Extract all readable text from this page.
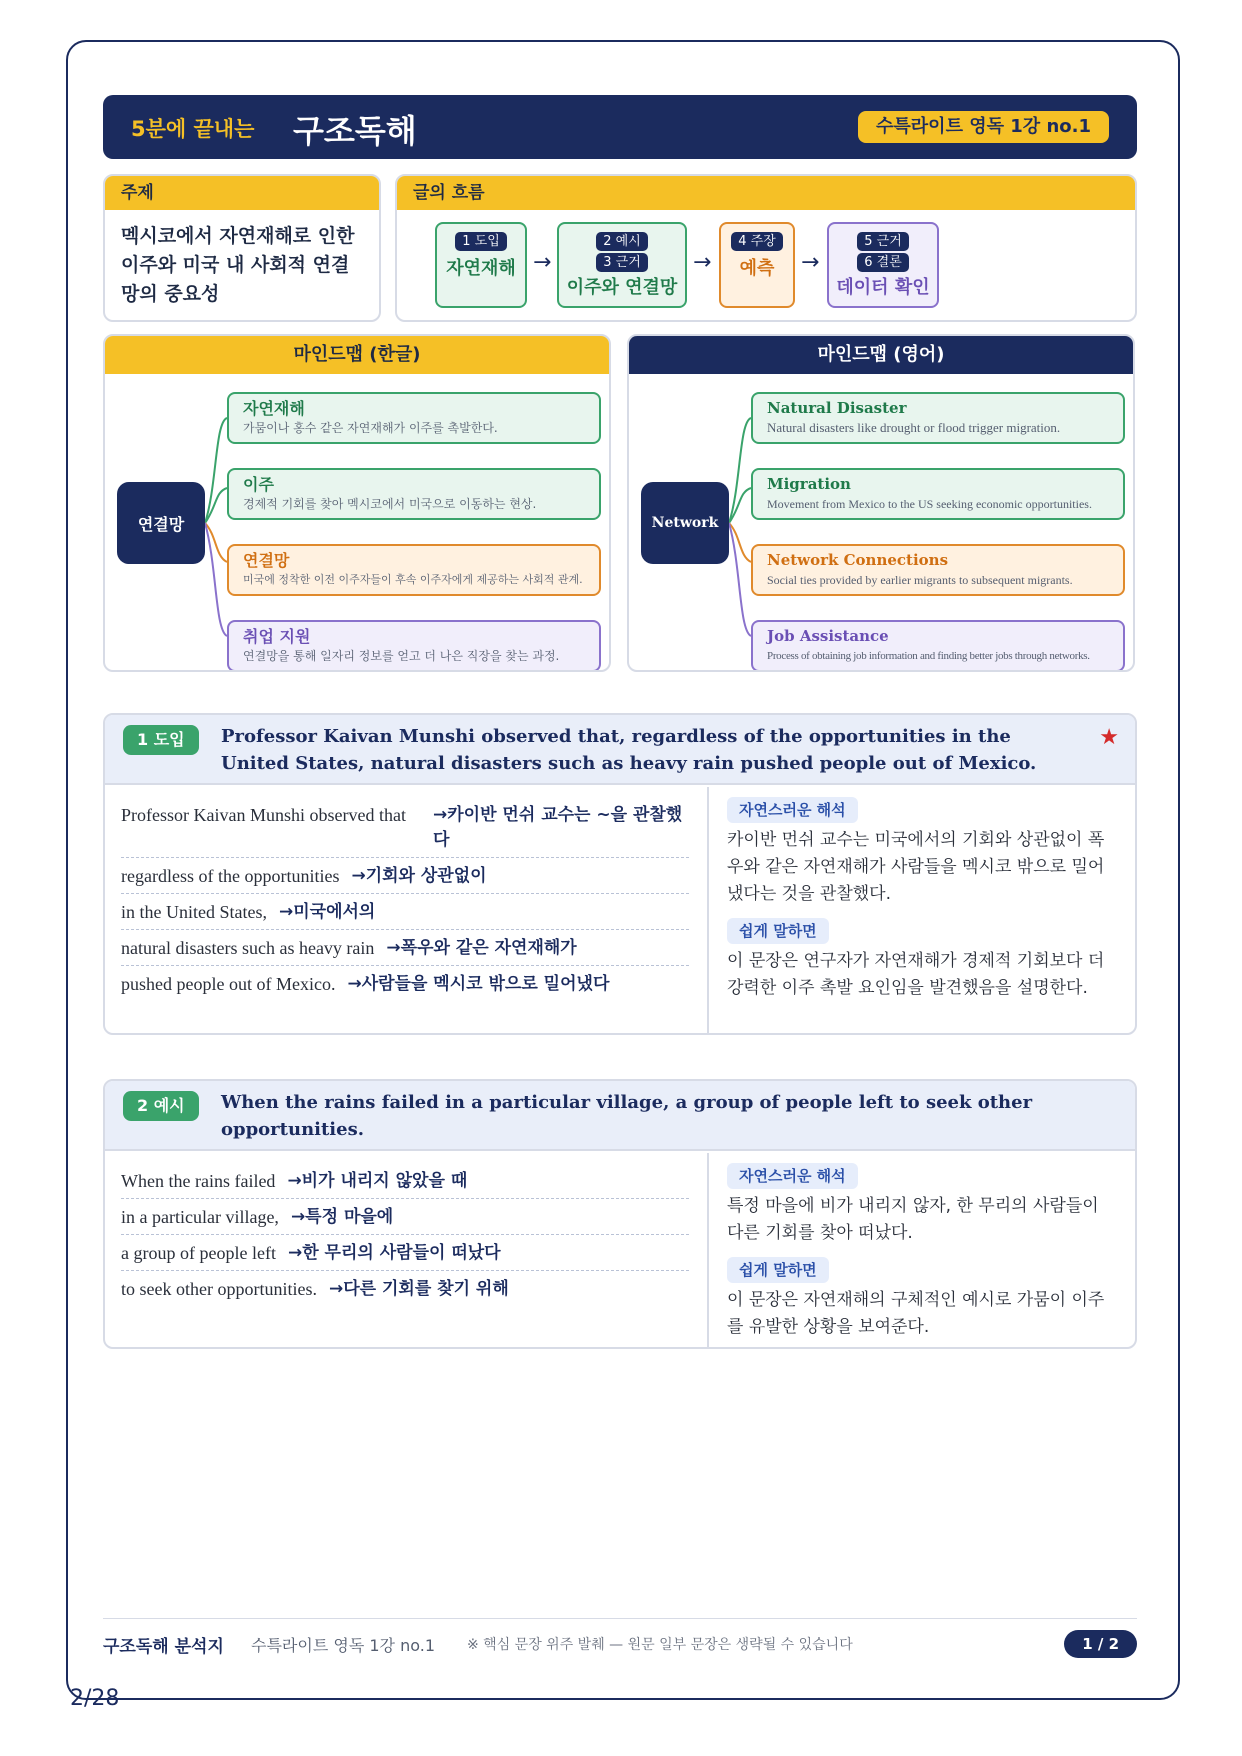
5분에 끝내는 구조독해	수특라이트 영독 1강 no.1
주제
멕시코에서 자연재해로 인한 이주와 미국 내 사회적 연결망의 중요성
글의 흐름
1 도입
자연재해 →
2 예시
3 근거
이주와 연결망
→
4 주장
예측	→
5 근거
6 결론
데이터 확인
마인드맵 (한글)
연결망
자연재해
가뭄이나 홍수 같은 자연재해가 이주를 촉발한다.
이주
경제적 기회를 찾아 멕시코에서 미국으로 이동하는 현상.
연결망
미국에 정착한 이전 이주자들이 후속 이주자에게 제공하는 사회적 관계.
취업 지원
연결망을 통해 일자리 정보를 얻고 더 나은 직장을 찾는 과정.
마인드맵 (영어)
Network
Natural Disaster
Natural disasters like drought or flood trigger migration.
Migration
Movement from Mexico to the US seeking economic opportunities.
Network Connections
Social ties provided by earlier migrants to subsequent migrants.
Job Assistance
Process of obtaining job information and finding better jobs through networks.
1 도입	Professor Kaivan Munshi observed that, regardless of the opportunities in the United States, natural disasters such as heavy rain pushed people out of Mexico.
★
Professor Kaivan Munshi observed that	→카이반 먼쉬 교수는 ~을 관찰했다
regardless of the opportunities →기회와 상관없이
in the United States, →미국에서의
natural disasters such as heavy rain →폭우와 같은 자연재해가
pushed people out of Mexico. →사람들을 멕시코 밖으로 밀어냈다
자연스러운 해석
카이반 먼쉬 교수는 미국에서의 기회와 상관없이 폭우와 같은 자연재해가 사람들을 멕시코 밖으로 밀어냈다는 것을 관찰했다.
쉽게 말하면
이 문장은 연구자가 자연재해가 경제적 기회보다 더 강력한 이주 촉발 요인임을 발견했음을 설명한다.
2 예시	When the rains failed in a particular village, a group of people left to seek other opportunities.
When the rains failed →비가 내리지 않았을 때
in a particular village, →특정 마을에
a group of people left →한 무리의 사람들이 떠났다
to seek other opportunities. →다른 기회를 찾기 위해
자연스러운 해석
특정 마을에 비가 내리지 않자, 한 무리의 사람들이 다른 기회를 찾아 떠났다.
쉽게 말하면
이 문장은 자연재해의 구체적인 예시로 가뭄이 이주를 유발한 상황을 보여준다.
구조독해 분석지 수특라이트 영독 1강 no.1 ※ 핵심 문장 위주 발췌 — 원문 일부 문장은 생략될 수 있습니다	1 / 2
2/28
